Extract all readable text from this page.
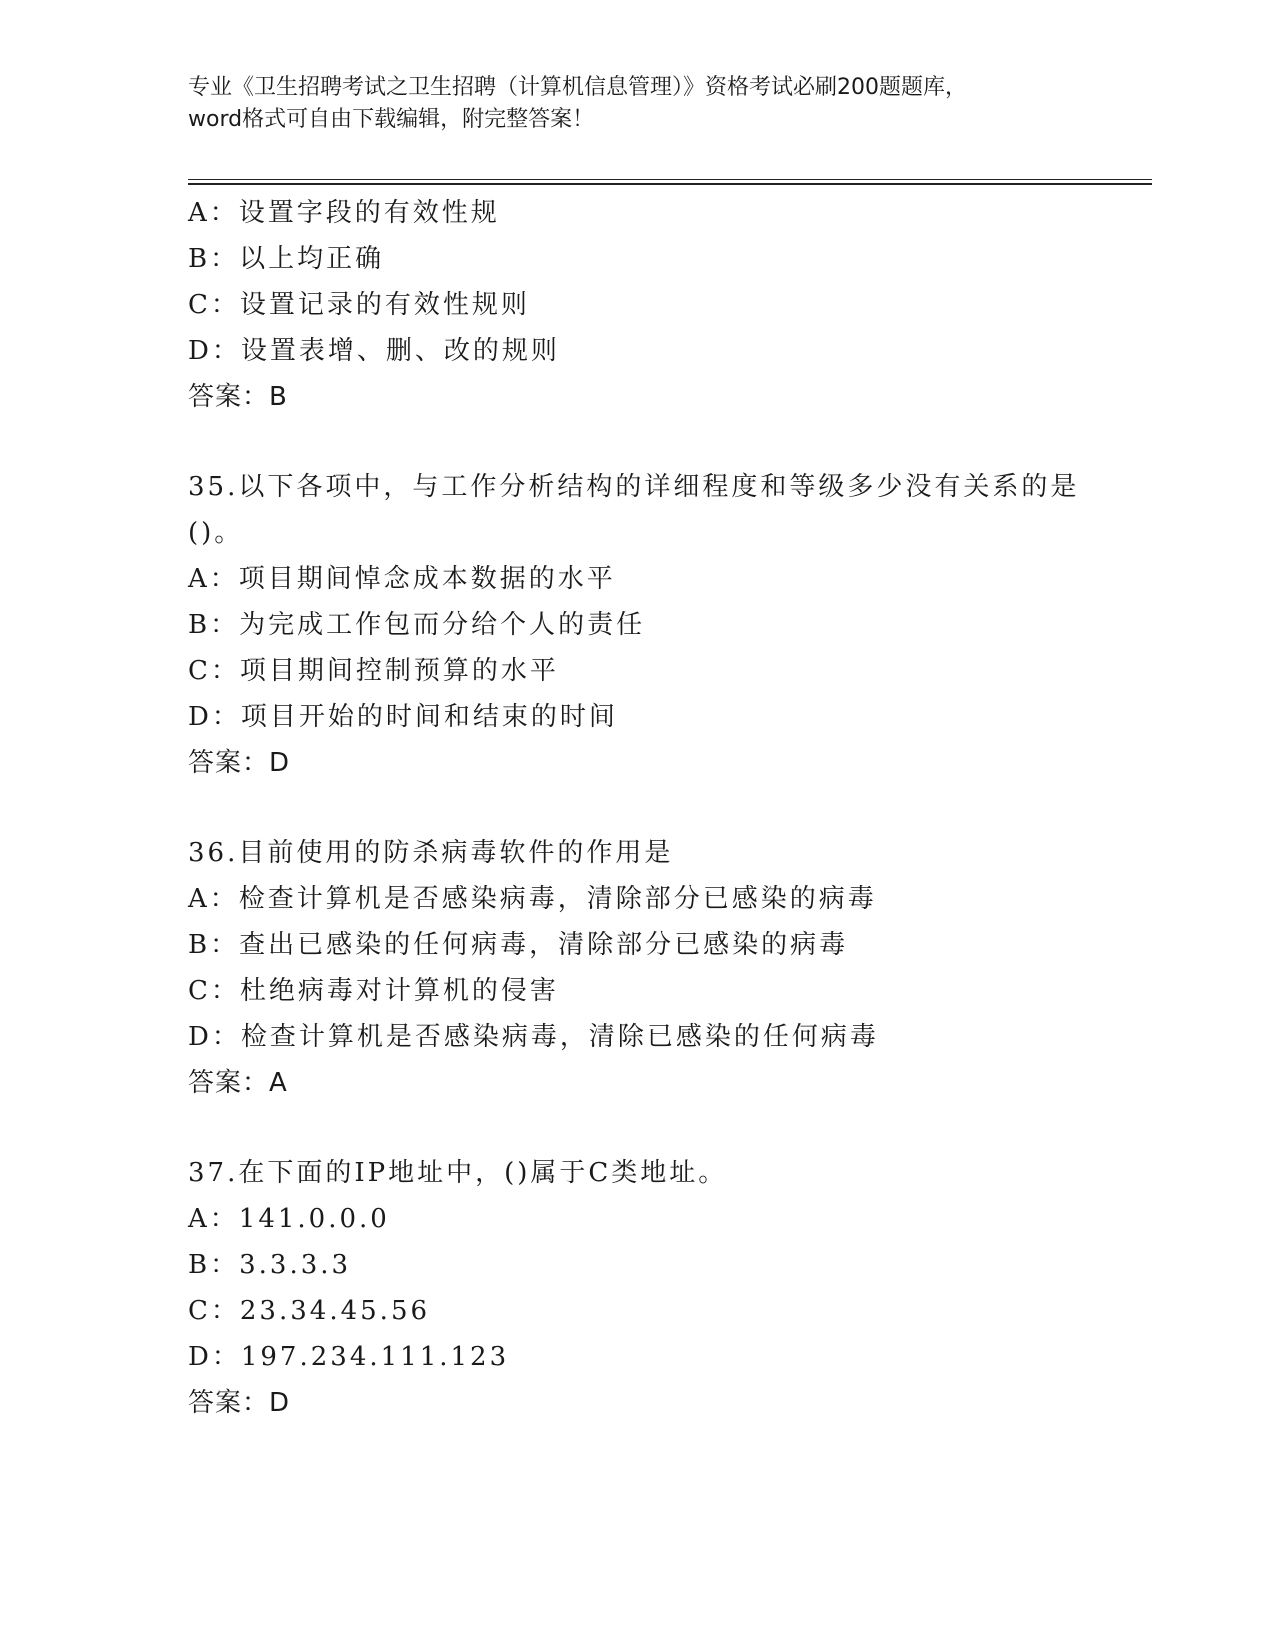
专业《卫生招聘考试之卫生招聘（计算机信息管理）》资格考试必刷200题题库，
word格式可自由下载编辑，附完整答案！
A：设置字段的有效性规
B：以上均正确
C：设置记录的有效性规则
D：设置表增、删、改的规则
答案：B
35.以下各项中，与工作分析结构的详细程度和等级多少没有关系的是
()。
A：项目期间悼念成本数据的水平
B：为完成工作包而分给个人的责任
C：项目期间控制预算的水平
D：项目开始的时间和结束的时间
答案：D
36.目前使用的防杀病毒软件的作用是
A：检查计算机是否感染病毒，清除部分已感染的病毒
B：查出已感染的任何病毒，清除部分已感染的病毒
C：杜绝病毒对计算机的侵害
D：检查计算机是否感染病毒，清除已感染的任何病毒
答案：A
37.在下面的IP地址中，()属于C类地址。
A：141.0.0.0
B：3.3.3.3
C：23.34.45.56
D：197.234.111.123
答案：D
